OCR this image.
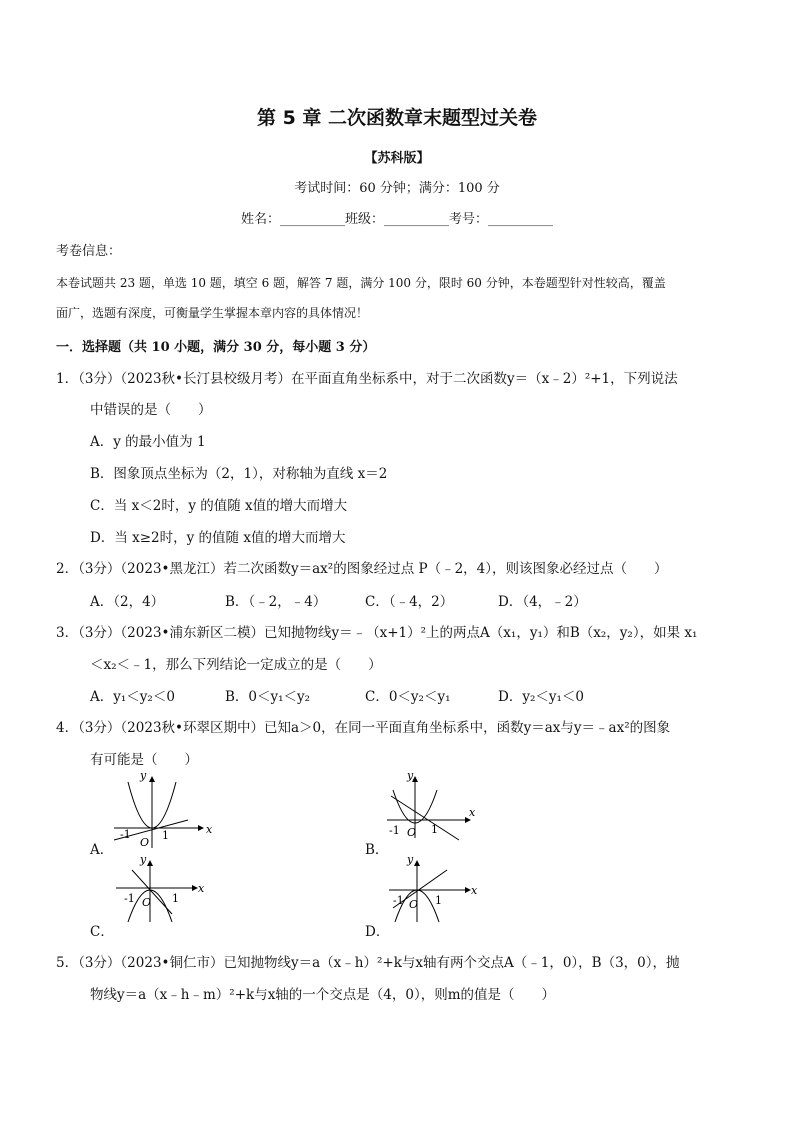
第 5 章 二次函数章末题型过关卷
【苏科版】
考试时间：60 分钟；满分：100 分
姓名：__________班级：__________考号：__________
考卷信息：
本卷试题共 23 题，单选 10 题，填空 6 题，解答 7 题，满分 100 分，限时 60 分钟，本卷题型针对性较高，覆盖
面广，选题有深度，可衡量学生掌握本章内容的具体情况！
一．选择题（共 10 小题，满分 30 分，每小题 3 分）
1．（3分）（2023秋•长汀县校级月考）在平面直角坐标系中，对于二次函数y＝（x﹣2）²+1，下列说法
中错误的是（　　）
A．y 的最小值为 1
B．图象顶点坐标为（2，1），对称轴为直线 x＝2
C．当 x＜2时，y 的值随 x值的增大而增大
D．当 x≥2时，y 的值随 x值的增大而增大
2．（3分）（2023•黑龙江）若二次函数y＝ax²的图象经过点 P（﹣2，4），则该图象必经过点（　　）
A．（2，4）	B．（﹣2，﹣4）	C．（﹣4，2）	D．（4，﹣2）
3．（3分）（2023•浦东新区二模）已知抛物线y＝﹣（x+1）²上的两点A（x₁，y₁）和B（x₂，y₂），如果 x₁
＜x₂＜﹣1，那么下列结论一定成立的是（　　）
A．y₁＜y₂＜0	B．0＜y₁＜y₂	C．0＜y₂＜y₁	D．y₂＜y₁＜0
4．（3分）（2023秋•环翠区期中）已知a＞0，在同一平面直角坐标系中，函数y＝ax与y＝﹣ax²的图象
有可能是（　　）
A．	B．
C．	D．
x
y
-1	1
O
x
y
-1	1
O
x
y
-1	1
O
x
y
-1	1
O
5．（3分）（2023•铜仁市）已知抛物线y＝a（x﹣h）²+k与x轴有两个交点A（﹣1，0），B（3，0），抛
物线y＝a（x﹣h﹣m）²+k与x轴的一个交点是（4，0），则m的值是（　　）
